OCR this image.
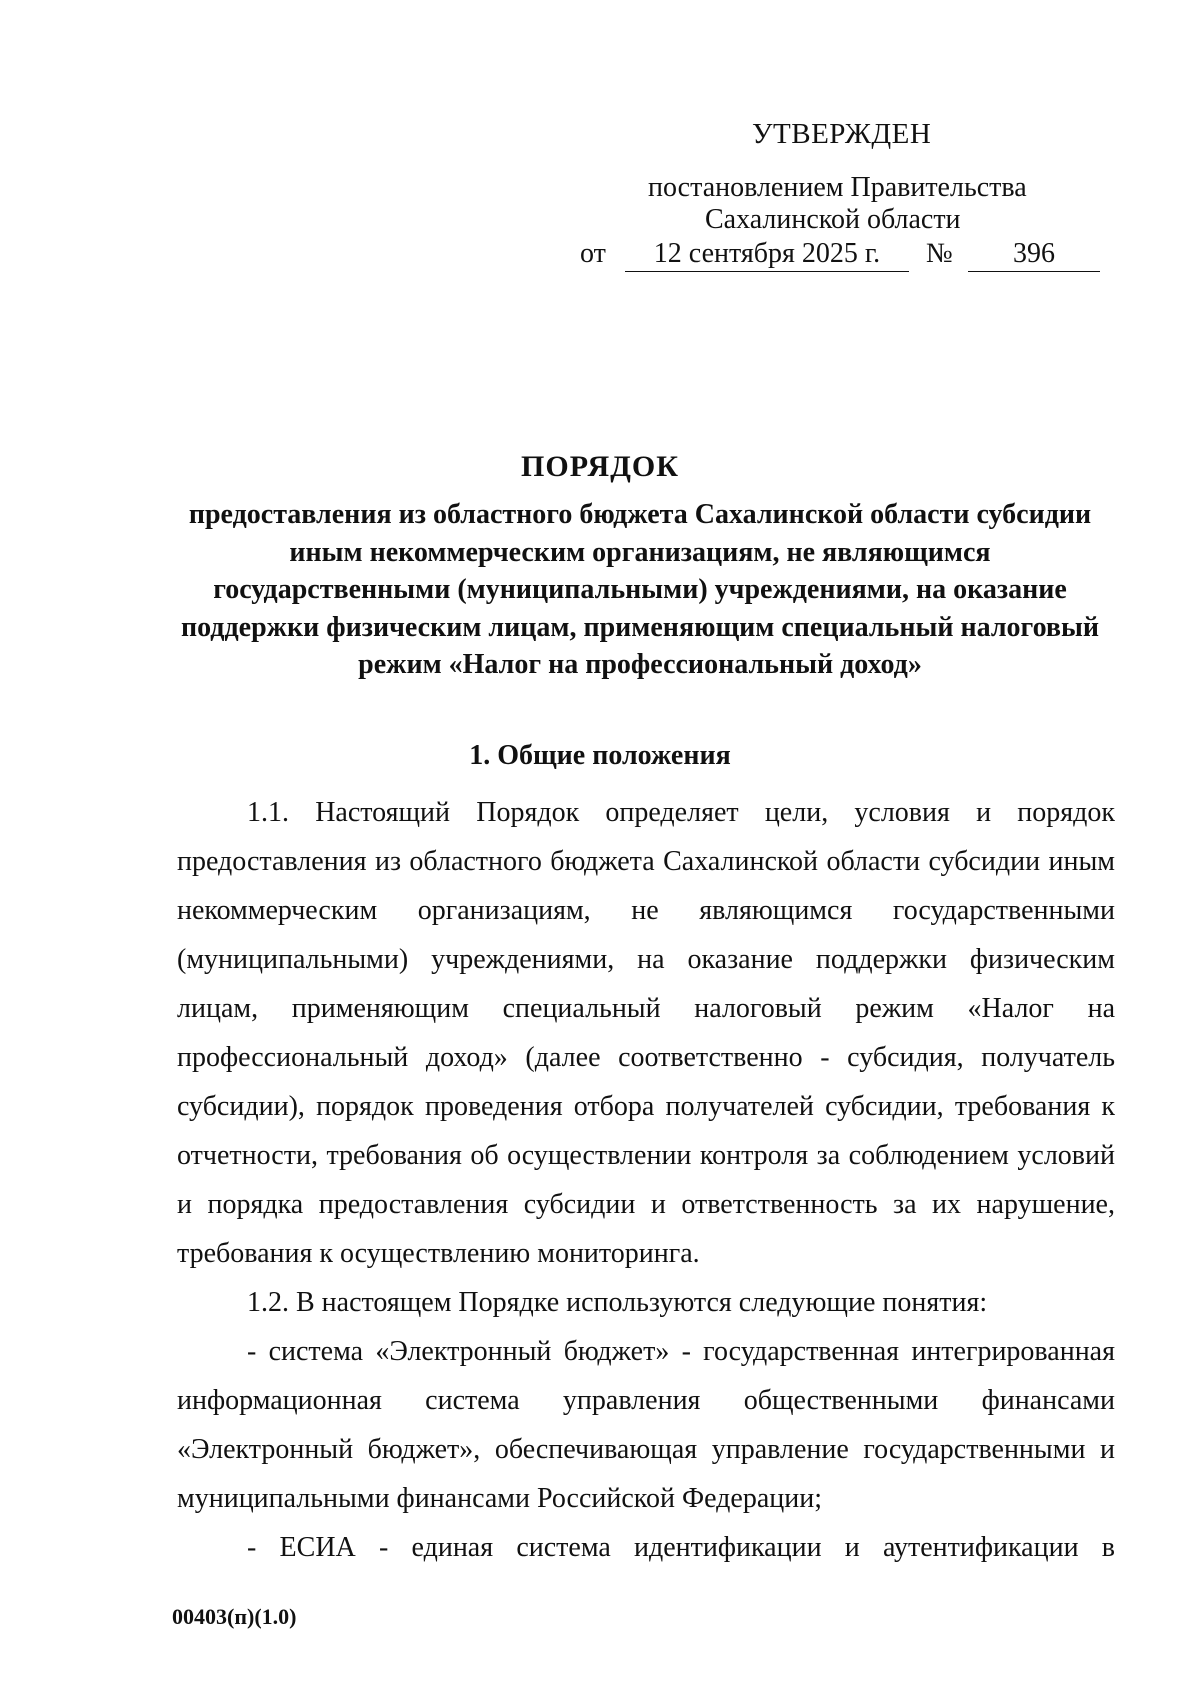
УТВЕРЖДЕН
постановлением Правительства
Сахалинской области
от	12 сентября 2025 г.	№	396
ПОРЯДОК
предоставления из областного бюджета Сахалинской области субсидии иным некоммерческим организациям, не являющимся государственными (муниципальными) учреждениями, на оказание поддержки физическим лицам, применяющим специальный налоговый режим «Налог на профессиональный доход»
1. Общие положения

1.1. Настоящий Порядок определяет цели, условия и порядок предоставления из областного бюджета Сахалинской области субсидии иным некоммерческим организациям, не являющимся государственными (муниципальными) учреждениями, на оказание поддержки физическим лицам, применяющим специальный налоговый режим «Налог на профессиональный доход» (далее соответственно - субсидия, получатель субсидии), порядок проведения отбора получателей субсидии, требования к отчетности, требования об осуществлении контроля за соблюдением условий и порядка предоставления субсидии и ответственность за их нарушение, требования к осуществлению мониторинга.

1.2. В настоящем Порядке используются следующие понятия:

- система «Электронный бюджет» - государственная интегрированная информационная система управления общественными финансами «Электронный бюджет», обеспечивающая управление государственными и муниципальными финансами Российской Федерации;

- ЕСИА - единая система идентификации и аутентификации в

00403(п)(1.0)
